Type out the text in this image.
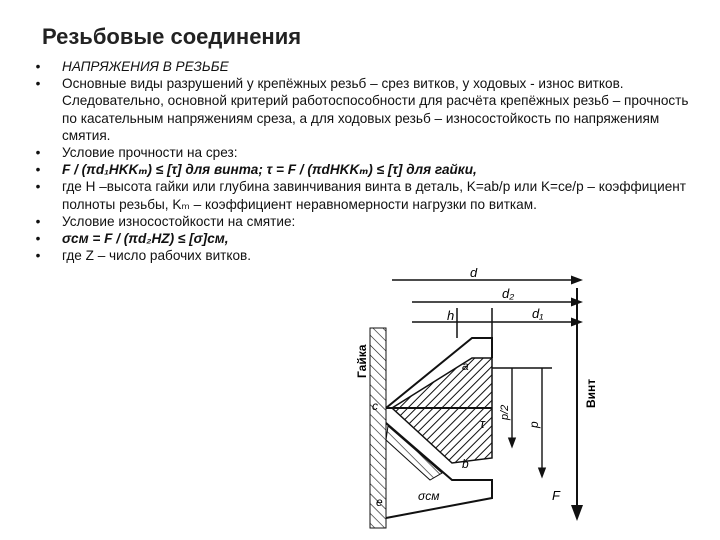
Резьбовые соединения
• НАПРЯЖЕНИЯ В РЕЗЬБЕ
• Основные виды разрушений у крепёжных резьб – срез витков, у ходовых - износ витков. Следовательно, основной критерий работоспособности для расчёта крепёжных резьб – прочность по касательным напряжениям среза, а для ходовых резьб – износостойкость по напряжениям смятия.
• Условие прочности на срез:
• F / (πd₁HKKₘ) ≤ [τ] для винта; τ = F / (πdHKKₘ) ≤ [τ] для гайки,
• где H –высота гайки или глубина завинчивания винта в деталь, K=ab/p или K=ce/p – коэффициент полноты резьбы, Kₘ – коэффициент неравномерности нагрузки по виткам.
• Условие износостойкости на смятие:
• σсм = F / (πd₂HZ) ≤ [σ]см,
• где Z – число рабочих витков.
d
d₂
h	d₁
Гайка
Винт
p/2
p
a
b
c
e
τ
σсм	F
